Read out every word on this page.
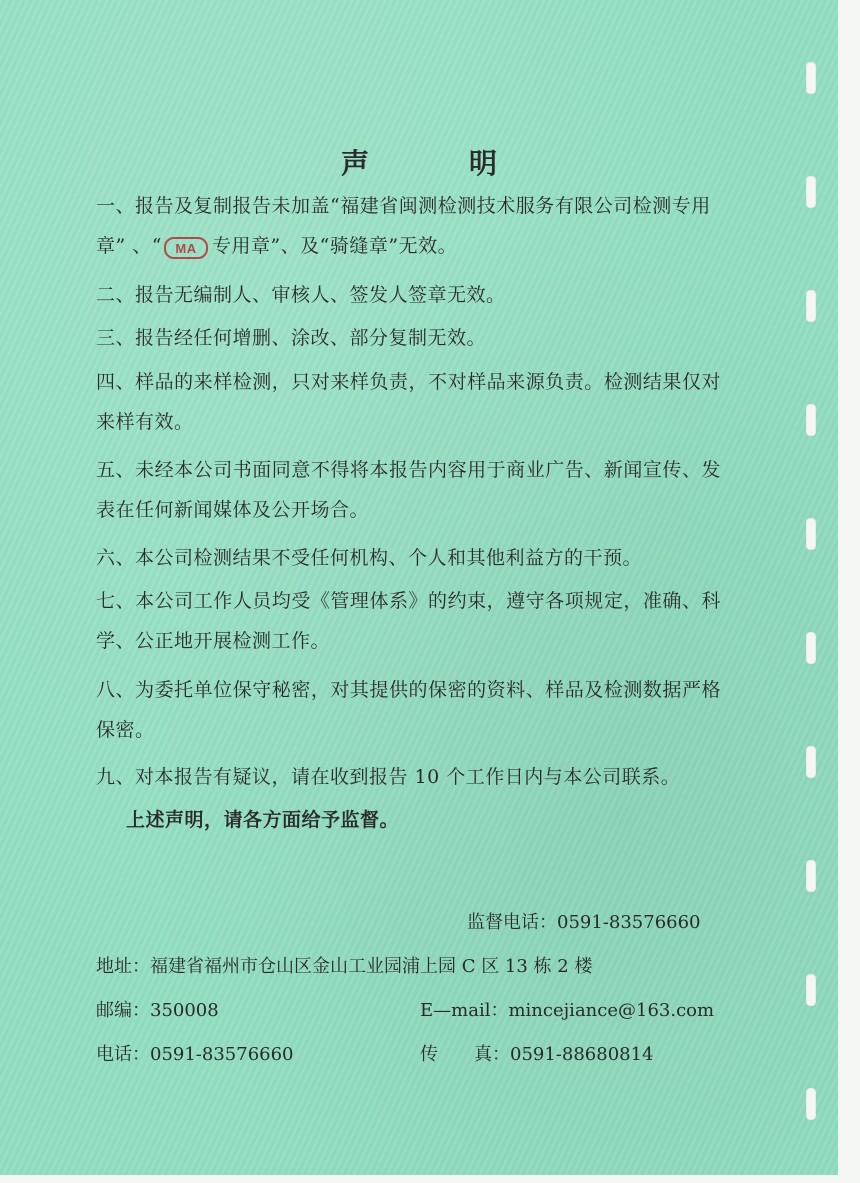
声　明
一、报告及复制报告未加盖“福建省闽测检测技术服务有限公司检测专用
章” 、“ MA 专用章”、及“骑缝章”无效。
二、报告无编制人、审核人、签发人签章无效。
三、报告经任何增删、涂改、部分复制无效。
四、样品的来样检测，只对来样负责，不对样品来源负责。检测结果仅对来样有效。
五、未经本公司书面同意不得将本报告内容用于商业广告、新闻宣传、发表在任何新闻媒体及公开场合。
六、本公司检测结果不受任何机构、个人和其他利益方的干预。
七、本公司工作人员均受《管理体系》的约束，遵守各项规定，准确、科学、公正地开展检测工作。
八、为委托单位保守秘密，对其提供的保密的资料、样品及检测数据严格保密。
九、对本报告有疑议，请在收到报告 10 个工作日内与本公司联系。
上述声明，请各方面给予监督。
监督电话：0591-83576660
地址：福建省福州市仓山区金山工业园浦上园 C 区 13 栋 2 楼
邮编：350008	E—mail：mincejiance@163.com
电话：0591-83576660	传　　真：0591-88680814
